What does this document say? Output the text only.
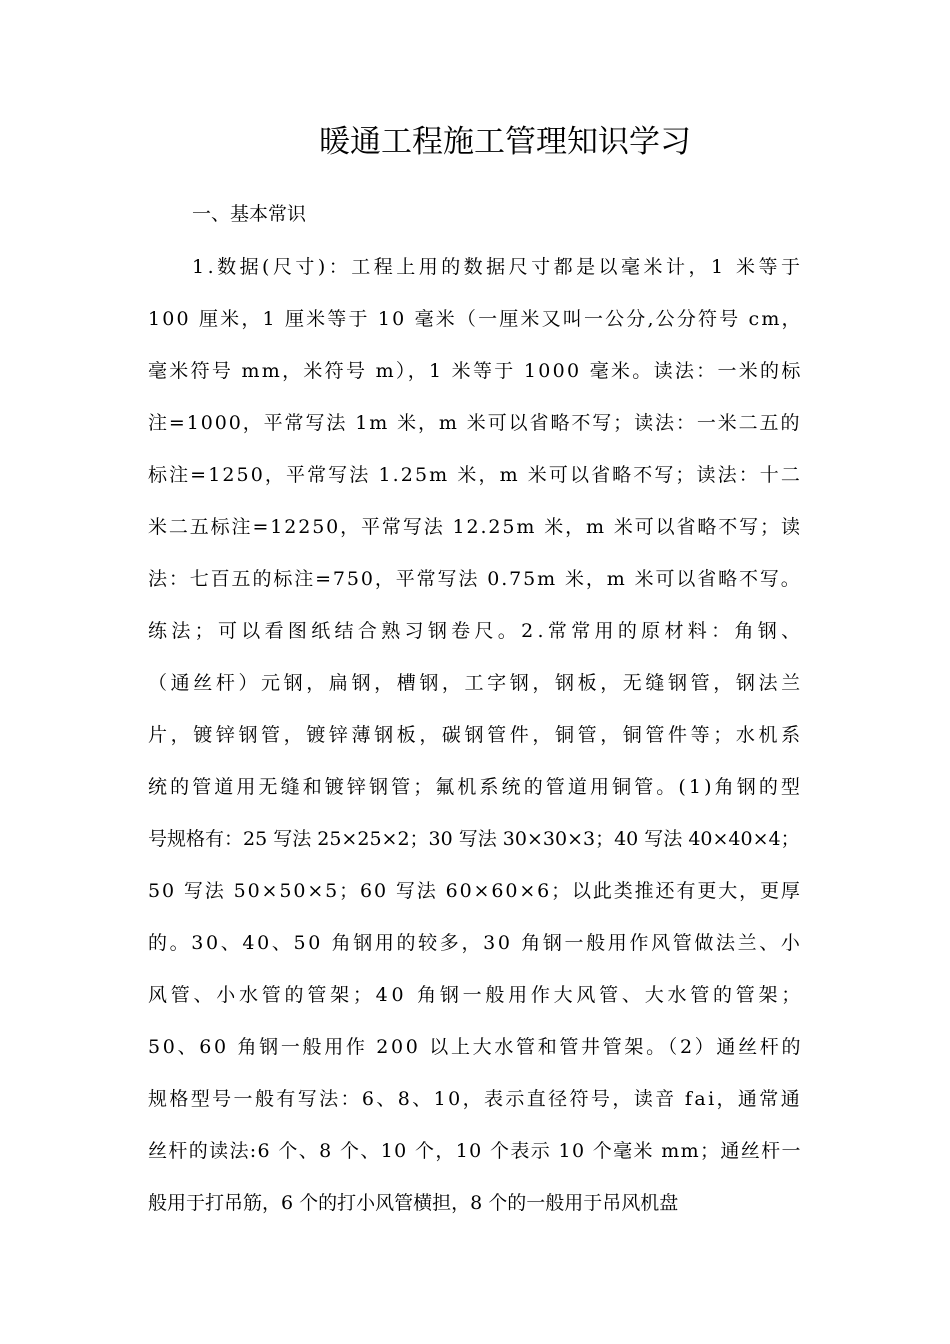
暖通工程施工管理知识学习
一、基本常识
1.数据(尺寸)：工程上用的数据尺寸都是以毫米计，1 米等于
100 厘米，1 厘米等于 10 毫米（一厘米又叫一公分,公分符号 cm，
毫米符号 mm，米符号 m），1 米等于 1000 毫米。读法：一米的标
注=1000，平常写法 1m 米，m 米可以省略不写；读法：一米二五的
标注=1250，平常写法 1.25m 米，m 米可以省略不写；读法：十二
米二五标注=12250，平常写法 12.25m 米，m 米可以省略不写；读
法：七百五的标注=750，平常写法 0.75m 米，m 米可以省略不写。
练法；可以看图纸结合熟习钢卷尺。2.常常用的原材料：角钢、
（通丝杆）元钢，扁钢，槽钢，工字钢，钢板，无缝钢管，钢法兰
片，镀锌钢管，镀锌薄钢板，碳钢管件，铜管，铜管件等；水机系
统的管道用无缝和镀锌钢管；氟机系统的管道用铜管。(1)角钢的型
号规格有：25 写法 25×25×2；30 写法 30×30×3；40 写法 40×40×4；
50 写法 50×50×5；60 写法 60×60×6；以此类推还有更大，更厚
的。30、40、50 角钢用的较多，30 角钢一般用作风管做法兰、小
风管、小水管的管架；40 角钢一般用作大风管、大水管的管架；
50、60 角钢一般用作 200 以上大水管和管井管架。（2）通丝杆的
规格型号一般有写法：6、8、10，表示直径符号，读音 fai，通常通
丝杆的读法:6 个、8 个、10 个，10 个表示 10 个毫米 mm；通丝杆一
般用于打吊筋，6 个的打小风管横担，8 个的一般用于吊风机盘
